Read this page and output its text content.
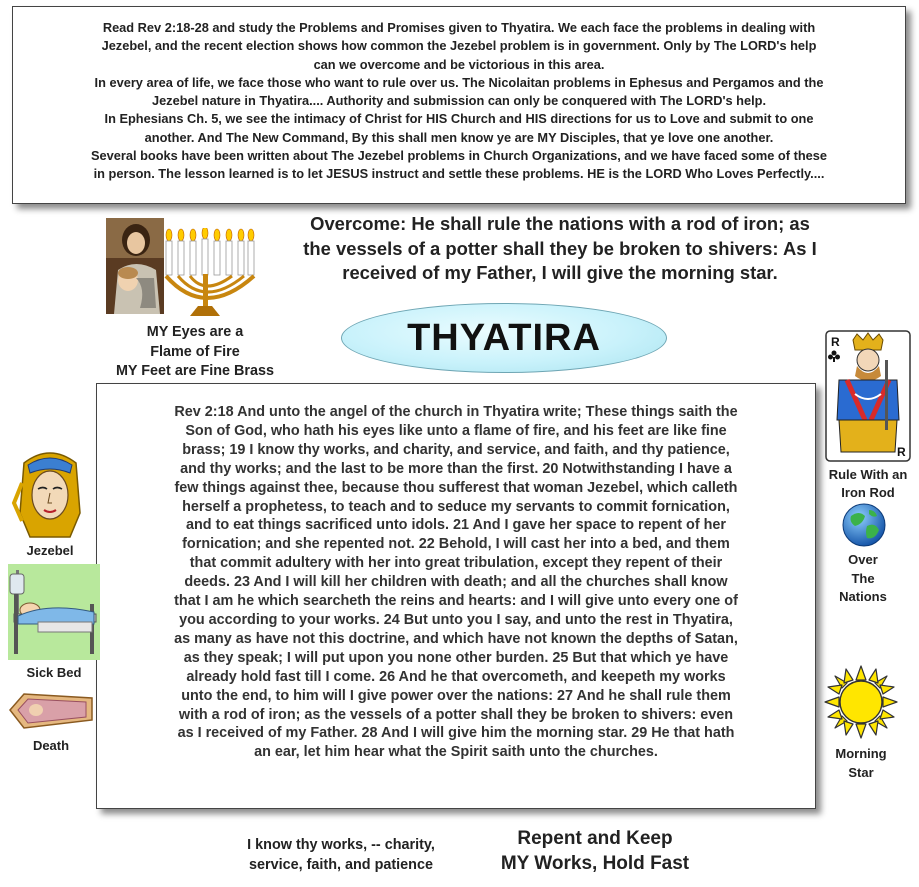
Read Rev 2:18-28 and study the Problems and Promises given to Thyatira. We each face the problems in dealing with
Jezebel, and the recent election shows how common the Jezebel problem is in government. Only by The LORD's help
can we overcome and be victorious in this area.
In every area of life, we face those who want to rule over us. The Nicolaitan problems in Ephesus and Pergamos and the
Jezebel nature in Thyatira.... Authority and submission can only be conquered with The LORD's help.
In Ephesians Ch. 5, we see the intimacy of Christ for HIS Church and HIS directions for us to Love and submit to one
another. And The New Command, By this shall men know ye are MY Disciples, that ye love one another.
Several books have been written about The Jezebel problems in Church Organizations, and we have faced some of these
in person. The lesson learned is to let JESUS instruct and settle these problems. HE is the LORD Who Loves Perfectly....
Overcome: He shall rule the nations with a rod of iron; as
the vessels of a potter shall they be broken to shivers: As I
received of my Father, I will give the morning star.
THYATIRA
MY Eyes are a
Flame of Fire
MY Feet are Fine Brass
Rev 2:18 And unto the angel of the church in Thyatira write; These things saith the
Son of God, who hath his eyes like unto a flame of fire, and his feet are like fine
brass; 19 I know thy works, and charity, and service, and faith, and thy patience,
and thy works; and the last to be more than the first. 20 Notwithstanding I have a
few things against thee, because thou sufferest that woman Jezebel, which calleth
herself a prophetess, to teach and to seduce my servants to commit fornication,
and to eat things sacrificed unto idols. 21 And I gave her space to repent of her
fornication; and she repented not. 22 Behold, I will cast her into a bed, and them
that commit adultery with her into great tribulation, except they repent of their
deeds. 23 And I will kill her children with death; and all the churches shall know
that I am he which searcheth the reins and hearts: and I will give unto every one of
you according to your works. 24 But unto you I say, and unto the rest in Thyatira,
as many as have not this doctrine, and which have not known the depths of Satan,
as they speak; I will put upon you none other burden. 25 But that which ye have
already hold fast till I come. 26 And he that overcometh, and keepeth my works
unto the end, to him will I give power over the nations: 27 And he shall rule them
with a rod of iron; as the vessels of a potter shall they be broken to shivers: even
as I received of my Father. 28 And I will give him the morning star. 29 He that hath
an ear, let him hear what the Spirit saith unto the churches.
Jezebel
Sick Bed
Death
R
R
Rule With an
Iron Rod
Over
The
Nations
Morning
Star
I know thy works, -- charity,
service, faith, and patience
Repent and Keep
MY Works, Hold Fast
